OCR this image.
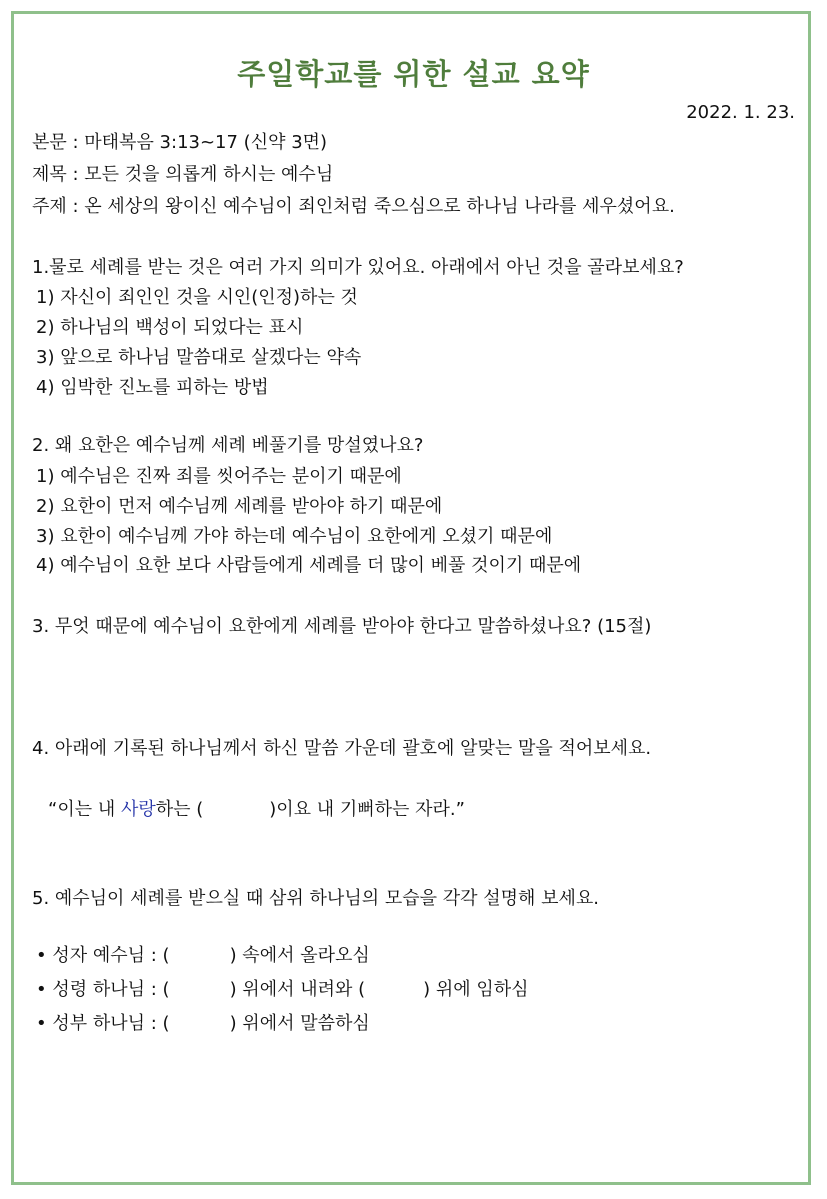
주일학교를 위한 설교 요약
2022. 1. 23.
본문 : 마태복음 3:13~17 (신약 3면)
제목 : 모든 것을 의롭게 하시는 예수님
주제 : 온 세상의 왕이신 예수님이 죄인처럼 죽으심으로 하나님 나라를 세우셨어요.
1.물로 세례를 받는 것은 여러 가지 의미가 있어요. 아래에서 아닌 것을 골라보세요?
1) 자신이 죄인인 것을 시인(인정)하는 것
2) 하나님의 백성이 되었다는 표시
3) 앞으로 하나님 말씀대로 살겠다는 약속
4) 임박한 진노를 피하는 방법
2. 왜 요한은 예수님께 세례 베풀기를 망설였나요?
1) 예수님은 진짜 죄를 씻어주는 분이기 때문에
2) 요한이 먼저 예수님께 세례를 받아야 하기 때문에
3) 요한이 예수님께 가야 하는데 예수님이 요한에게 오셨기 때문에
4) 예수님이 요한 보다 사람들에게 세례를 더 많이 베풀 것이기 때문에
3. 무엇 때문에 예수님이 요한에게 세례를 받아야 한다고 말씀하셨나요? (15절)
4. 아래에 기록된 하나님께서 하신 말씀 가운데 괄호에 알맞는 말을 적어보세요.
“이는 내 사랑하는 (	)이요 내 기뻐하는 자라.”
5. 예수님이 세례를 받으실 때 삼위 하나님의 모습을 각각 설명해 보세요.
• 성자 예수님 : (	) 속에서 올라오심
• 성령 하나님 : (	) 위에서 내려와 (	) 위에 임하심
• 성부 하나님 : (	) 위에서 말씀하심
